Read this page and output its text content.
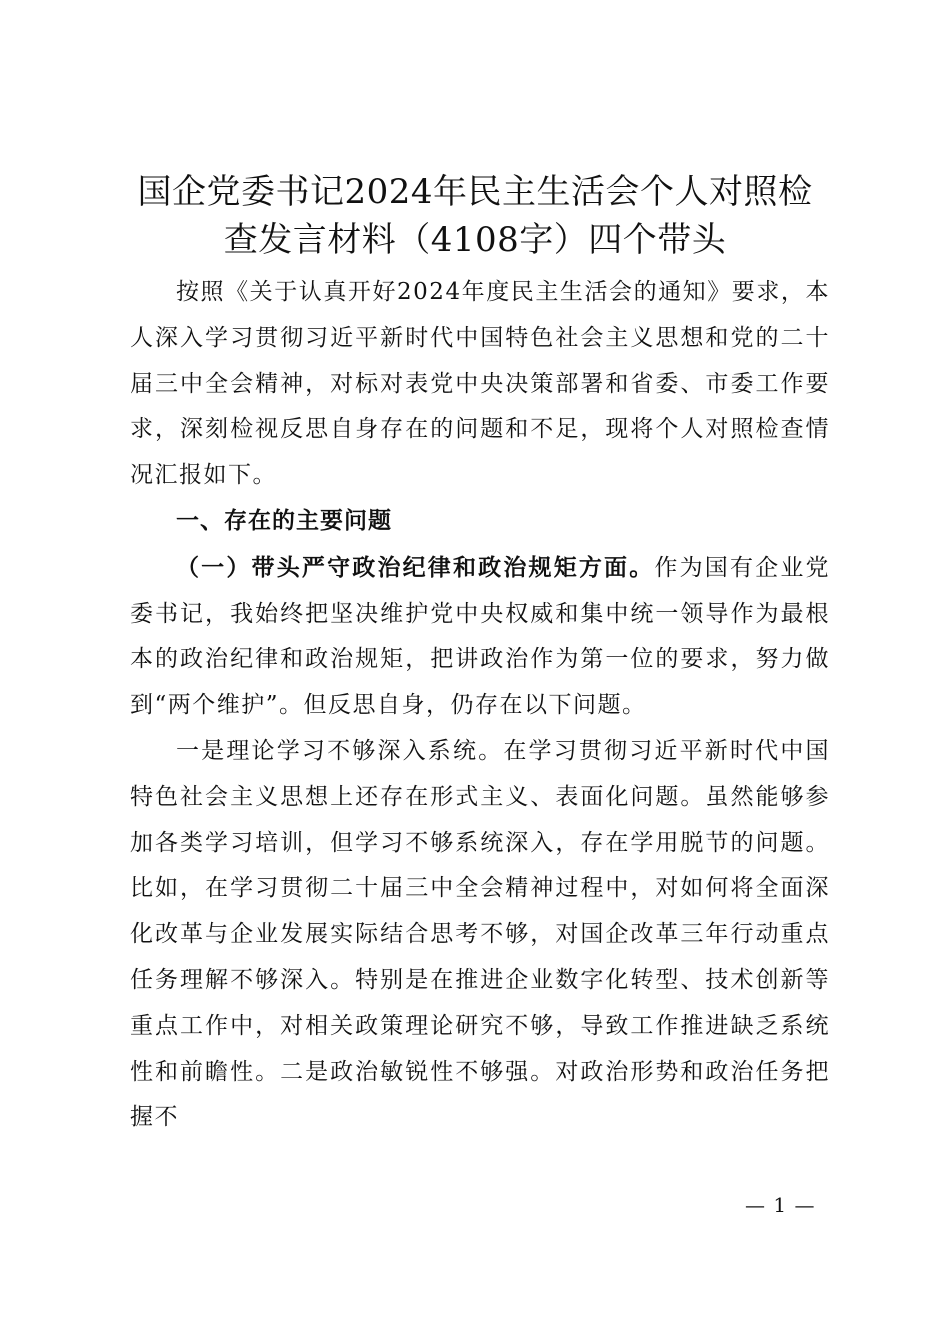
国企党委书记2024年民主生活会个人对照检
查发言材料（4108字）四个带头

按照《关于认真开好2024年度民主生活会的通知》要求，本人深入学习贯彻习近平新时代中国特色社会主义思想和党的二十届三中全会精神，对标对表党中央决策部署和省委、市委工作要求，深刻检视反思自身存在的问题和不足，现将个人对照检查情况汇报如下。

一、存在的主要问题

（一）带头严守政治纪律和政治规矩方面。作为国有企业党委书记，我始终把坚决维护党中央权威和集中统一领导作为最根本的政治纪律和政治规矩，把讲政治作为第一位的要求，努力做到“两个维护”。但反思自身，仍存在以下问题。

一是理论学习不够深入系统。在学习贯彻习近平新时代中国特色社会主义思想上还存在形式主义、表面化问题。虽然能够参加各类学习培训，但学习不够系统深入，存在学用脱节的问题。比如，在学习贯彻二十届三中全会精神过程中，对如何将全面深化改革与企业发展实际结合思考不够，对国企改革三年行动重点任务理解不够深入。特别是在推进企业数字化转型、技术创新等重点工作中，对相关政策理论研究不够，导致工作推进缺乏系统性和前瞻性。二是政治敏锐性不够强。对政治形势和政治任务把握不

— 1 —
